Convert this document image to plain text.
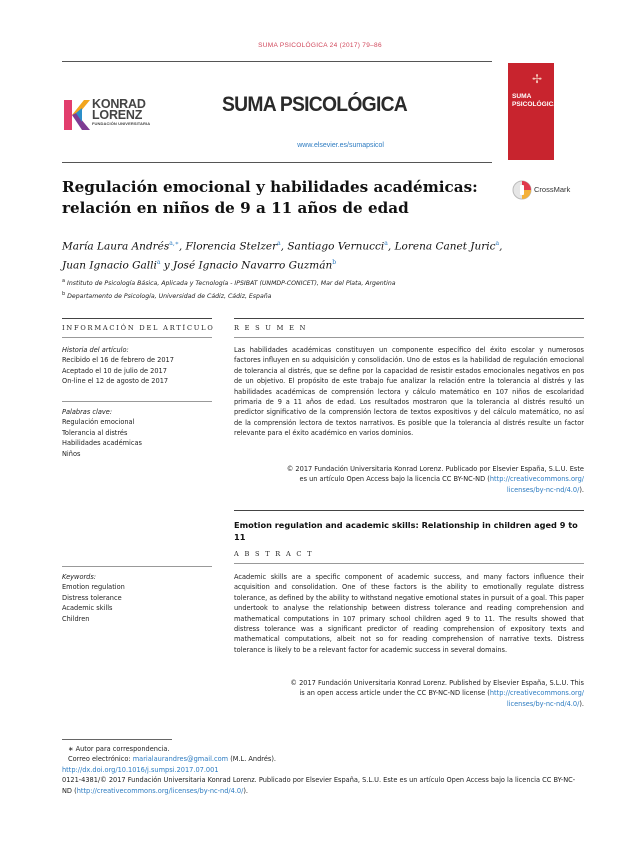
SUMA PSICOLÓGICA 24 (2017) 79–86
KONRAD
LORENZ
FUNDACIÓN UNIVERSITARIA
SUMA PSICOLÓGICA
www.elsevier.es/sumapsicol
✢
SUMA
PSICOLÓGICA
Regulación emocional y habilidades académicas:
relación en niños de 9 a 11 años de edad
CrossMark
María Laura Andrés$^{a,∗}$, Florencia Stelzer$^a$, Santiago Vernucci$^a$, Lorena Canet Juric$^a$,
Juan Ignacio Galli$^a$ y José Ignacio Navarro Guzmán$^b$
$^a$ Instituto de Psicología Básica, Aplicada y Tecnología - IPSIBAT (UNMDP-CONICET), Mar del Plata, Argentina
$^b$ Departamento de Psicología, Universidad de Cádiz, Cádiz, España
INFORMACIÓN DEL ARTÍCULO	R E S U M E N
Historia del artículo:
Recibido el 16 de febrero de 2017
Aceptado el 10 de julio de 2017
On-line el 12 de agosto de 2017
Palabras clave:
Regulación emocional
Tolerancia al distrés
Habilidades académicas
Niños
Las habilidades académicas constituyen un componente específico del éxito escolar y numerosos factores influyen en su adquisición y consolidación. Uno de estos es la habilidad de regulación emocional de tolerancia al distrés, que se define por la capacidad de resistir estados emocionales negativos en pos de un objetivo. El propósito de este trabajo fue analizar la relación entre la tolerancia al distrés y las habilidades académicas de comprensión lectora y cálculo matemático en 107 niños de escolaridad primaria de 9 a 11 años de edad. Los resultados mostraron que la tolerancia al distrés resultó un predictor significativo de la comprensión lectora de textos expositivos y del cálculo matemático, no así de la comprensión lectora de textos narrativos. Es posible que la tolerancia al distrés resulte un factor relevante para el éxito académico en varios dominios.
© 2017 Fundación Universitaria Konrad Lorenz. Publicado por Elsevier España, S.L.U. Este
es un artículo Open Access bajo la licencia CC BY-NC-ND (http://creativecommons.org/
licenses/by-nc-nd/4.0/).
Emotion regulation and academic skills: Relationship in children aged 9 to 11
A B S T R A C T
Keywords:
Emotion regulation
Distress tolerance
Academic skills
Children
Academic skills are a specific component of academic success, and many factors influence their acquisition and consolidation. One of these factors is the ability to emotionally regulate distress tolerance, as defined by the ability to withstand negative emotional states in pursuit of a goal. This paper undertook to analyse the relationship between distress tolerance and reading comprehension and mathematical computations in 107 primary school children aged 9 to 11. The results showed that distress tolerance was a significant predictor of reading comprehension of expository texts and mathematical computations, albeit not so for reading comprehension of narrative texts. Distress tolerance is likely to be a relevant factor for academic success in several domains.
© 2017 Fundación Universitaria Konrad Lorenz. Published by Elsevier España, S.L.U. This
is an open access article under the CC BY-NC-ND license (http://creativecommons.org/
licenses/by-nc-nd/4.0/).
∗ Autor para correspondencia.
Correo electrónico: marialaurandres@gmail.com (M.L. Andrés).
http://dx.doi.org/10.1016/j.sumpsi.2017.07.001
0121-4381/© 2017 Fundación Universitaria Konrad Lorenz. Publicado por Elsevier España, S.L.U. Este es un artículo Open Access bajo la licencia CC BY-NC-ND (http://creativecommons.org/licenses/by-nc-nd/4.0/).
